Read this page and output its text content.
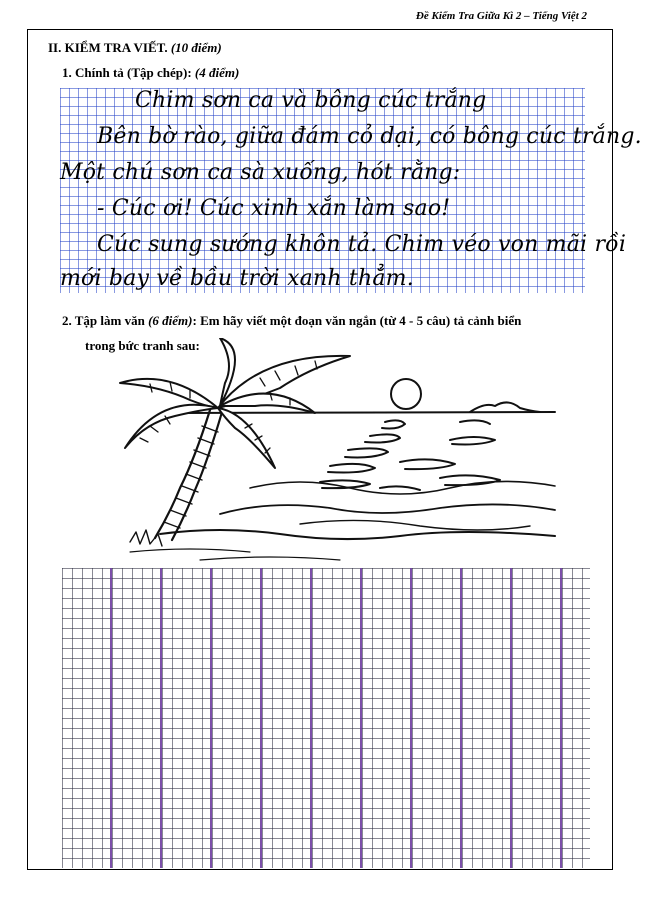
Đề Kiểm Tra Giữa Kì 2 – Tiếng Việt 2
II. KIỂM TRA VIẾT. (10 điểm)
1. Chính tả (Tập chép): (4 điểm)
Chim sơn ca và bông cúc trắng
Bên bờ rào, giữa đám cỏ dại, có bông cúc trắng.
Một chú sơn ca sà xuống, hót rằng:
- Cúc ơi! Cúc xinh xắn làm sao!
Cúc sung sướng khôn tả. Chim véo von mãi rồi
mới bay về bầu trời xanh thẳm.
2. Tập làm văn (6 điểm): Em hãy viết một đoạn văn ngắn (từ 4 - 5 câu) tả cảnh biển
trong bức tranh sau:
